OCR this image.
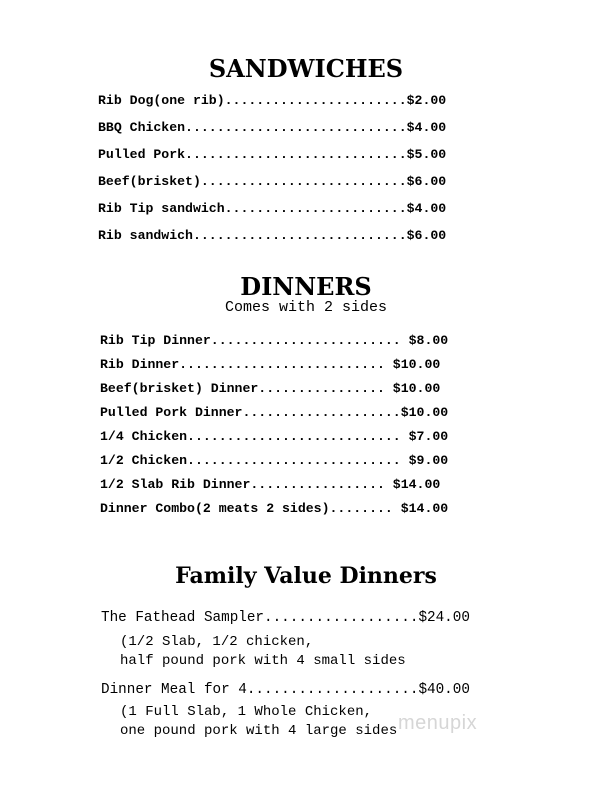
SANDWICHES
Rib Dog(one rib).......................$2.00
BBQ Chicken............................$4.00
Pulled Pork............................$5.00
Beef(brisket)..........................$6.00
Rib Tip sandwich.......................$4.00
Rib sandwich...........................$6.00
DINNERS
Comes with 2 sides
Rib Tip Dinner........................ $8.00
Rib Dinner.......................... $10.00
Beef(brisket) Dinner................ $10.00
Pulled Pork Dinner....................$10.00
1/4 Chicken........................... $7.00
1/2 Chicken........................... $9.00
1/2 Slab Rib Dinner................. $14.00
Dinner Combo(2 meats 2 sides)........ $14.00
Family Value Dinners
The Fathead Sampler..................$24.00
(1/2 Slab, 1/2 chicken,
half pound pork with 4 small sides
Dinner Meal for 4....................$40.00
(1 Full Slab, 1 Whole Chicken,
one pound pork with 4 large sides menupix
